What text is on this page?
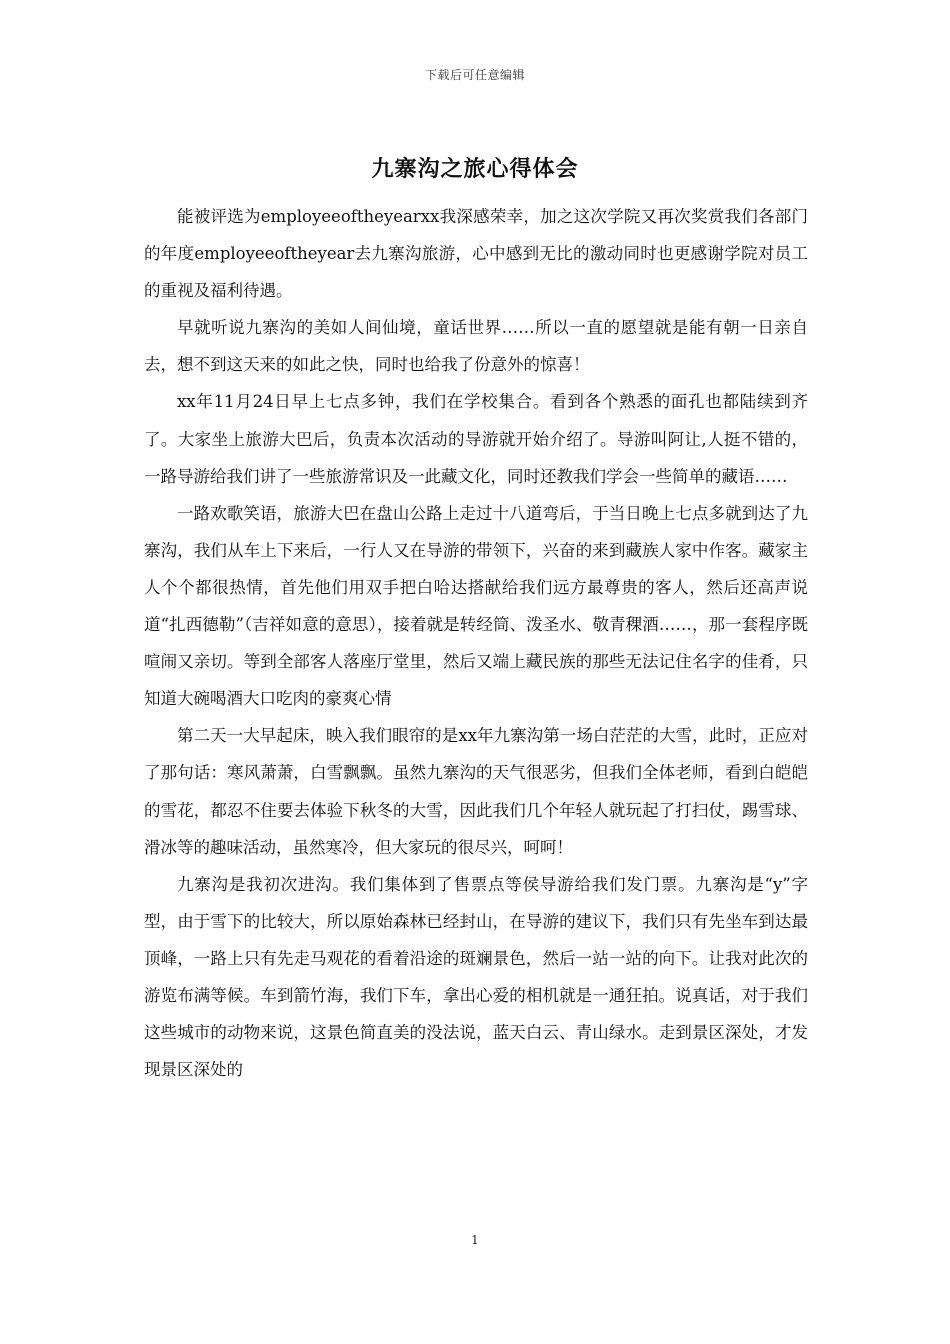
下载后可任意编辑
九寨沟之旅心得体会

能被评选为employeeoftheyearxx我深感荣幸，加之这次学院又再次奖赏我们各部门的年度employeeoftheyear去九寨沟旅游，心中感到无比的激动同时也更感谢学院对员工的重视及福利待遇。

早就听说九寨沟的美如人间仙境，童话世界……所以一直的愿望就是能有朝一日亲自去，想不到这天来的如此之快，同时也给我了份意外的惊喜！

xx年11月24日早上七点多钟，我们在学校集合。看到各个熟悉的面孔也都陆续到齐了。大家坐上旅游大巴后，负责本次活动的导游就开始介绍了。导游叫阿让,人挺不错的，一路导游给我们讲了一些旅游常识及一此藏文化，同时还教我们学会一些简单的藏语……

一路欢歌笑语，旅游大巴在盘山公路上走过十八道弯后，于当日晚上七点多就到达了九寨沟，我们从车上下来后，一行人又在导游的带领下，兴奋的来到藏族人家中作客。藏家主人个个都很热情，首先他们用双手把白哈达搭献给我们远方最尊贵的客人，然后还高声说道“扎西德勒”（吉祥如意的意思），接着就是转经筒、泼圣水、敬青稞酒……，那一套程序既喧闹又亲切。等到全部客人落座厅堂里，然后又端上藏民族的那些无法记住名字的佳肴，只知道大碗喝酒大口吃肉的豪爽心情

第二天一大早起床，映入我们眼帘的是xx年九寨沟第一场白茫茫的大雪，此时，正应对了那句话：寒风萧萧，白雪飘飘。虽然九寨沟的天气很恶劣，但我们全体老师，看到白皑皑的雪花，都忍不住要去体验下秋冬的大雪，因此我们几个年轻人就玩起了打扫仗，踢雪球、滑冰等的趣味活动，虽然寒冷，但大家玩的很尽兴，呵呵！

九寨沟是我初次进沟。我们集体到了售票点等侯导游给我们发门票。九寨沟是“y”字型，由于雪下的比较大，所以原始森林已经封山，在导游的建议下，我们只有先坐车到达最顶峰，一路上只有先走马观花的看着沿途的斑斓景色，然后一站一站的向下。让我对此次的游览布满等候。车到箭竹海，我们下车，拿出心爱的相机就是一通狂拍。说真话，对于我们这些城市的动物来说，这景色简直美的没法说，蓝天白云、青山绿水。走到景区深处，才发现景区深处的

1
